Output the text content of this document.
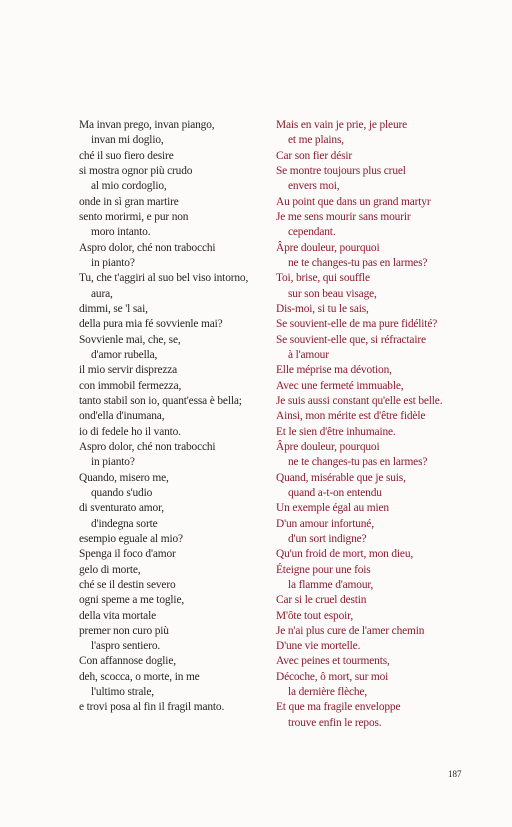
Ma invan prego, invan piango,
invan mi doglio,
ché il suo fiero desire
si mostra ognor più crudo
al mio cordoglio,
onde in sì gran martire
sento morirmi, e pur non
moro intanto.
Aspro dolor, ché non trabocchi
in pianto?
Tu, che t'aggiri al suo bel viso intorno,
aura,
dimmi, se 'l sai,
della pura mia fé sovvienle mai?
Sovvienle mai, che, se,
d'amor rubella,
il mio servir disprezza
con immobil fermezza,
tanto stabil son io, quant'essa è bella;
ond'ella d'inumana,
io di fedele ho il vanto.
Aspro dolor, ché non trabocchi
in pianto?
Quando, misero me,
quando s'udio
di sventurato amor,
d'indegna sorte
esempio eguale al mio?
Spenga il foco d'amor
gelo di morte,
ché se il destin severo
ogni speme a me toglie,
della vita mortale
premer non curo più
l'aspro sentiero.
Con affannose doglie,
deh, scocca, o morte, in me
l'ultimo strale,
e trovi posa al fin il fragil manto.
Mais en vain je prie, je pleure
et me plains,
Car son fier désir
Se montre toujours plus cruel
envers moi,
Au point que dans un grand martyr
Je me sens mourir sans mourir
cependant.
Âpre douleur, pourquoi
ne te changes-tu pas en larmes?
Toi, brise, qui souffle
sur son beau visage,
Dis-moi, si tu le sais,
Se souvient-elle de ma pure fidélité?
Se souvient-elle que, si réfractaire
à l'amour
Elle méprise ma dévotion,
Avec une fermeté immuable,
Je suis aussi constant qu'elle est belle.
Ainsi, mon mérite est d'être fidèle
Et le sien d'être inhumaine.
Âpre douleur, pourquoi
ne te changes-tu pas en larmes?
Quand, misérable que je suis,
quand a-t-on entendu
Un exemple égal au mien
D'un amour infortuné,
d'un sort indigne?
Qu'un froid de mort, mon dieu,
Éteigne pour une fois
la flamme d'amour,
Car si le cruel destin
M'ôte tout espoir,
Je n'ai plus cure de l'amer chemin
D'une vie mortelle.
Avec peines et tourments,
Décoche, ô mort, sur moi
la dernière flèche,
Et que ma fragile enveloppe
trouve enfin le repos.
187
